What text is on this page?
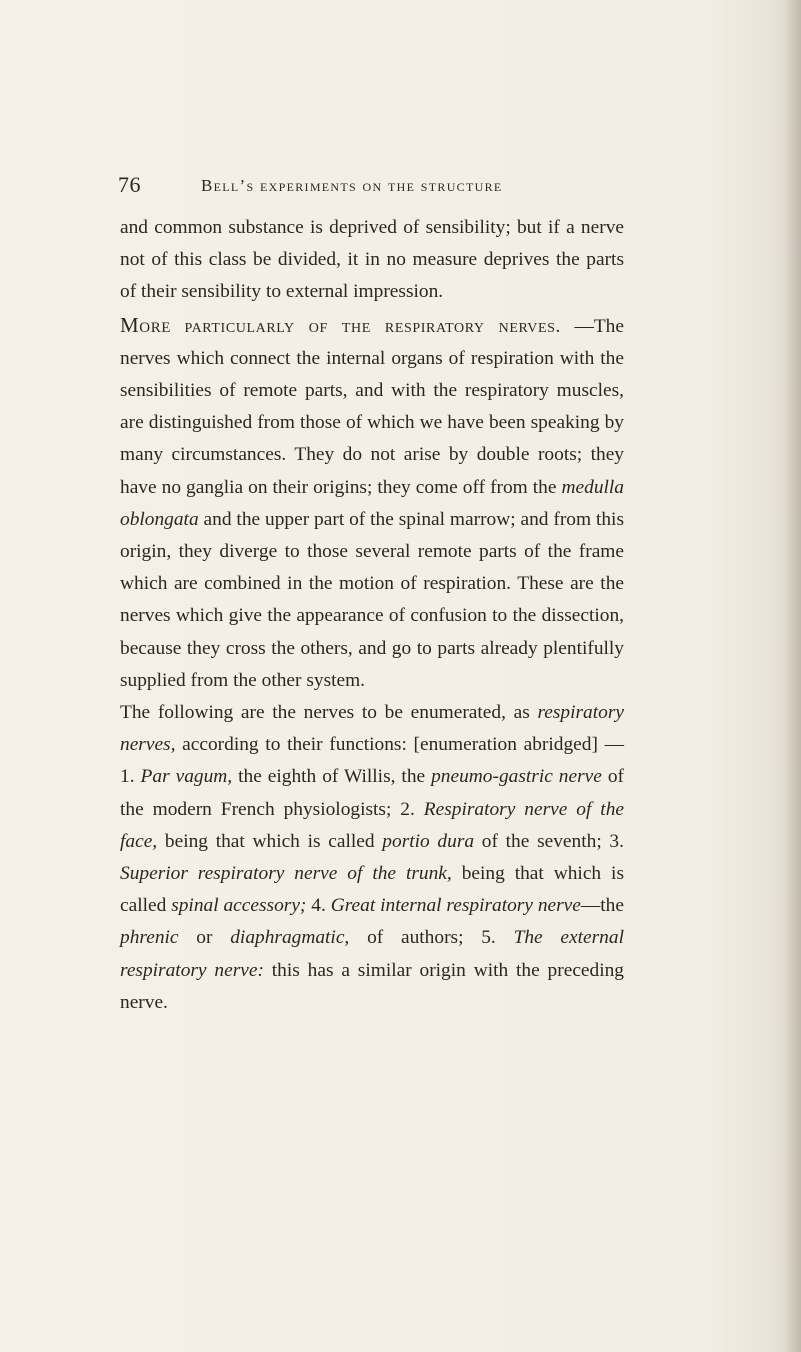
76	bell’s experiments on the structure

and common substance is deprived of sensibility; but if a nerve not of this class be divided, it in no measure deprives the parts of their sensibility to external impression.

More particularly of the respiratory nerves. —The nerves which connect the internal organs of respiration with the sensibilities of remote parts, and with the respiratory muscles, are distinguished from those of which we have been speaking by many circumstances. They do not arise by double roots; they have no ganglia on their origins; they come off from the medulla oblongata and the upper part of the spinal marrow; and from this origin, they diverge to those several remote parts of the frame which are combined in the motion of respiration. These are the nerves which give the appearance of confusion to the dissection, because they cross the others, and go to parts already plentifully supplied from the other system.

The following are the nerves to be enumerated, as respiratory nerves, according to their functions: [enumeration abridged] — 1. Par vagum, the eighth of Willis, the pneumo-gastric nerve of the modern French physiologists; 2. Respiratory nerve of the face, being that which is called portio dura of the seventh; 3. Superior respiratory nerve of the trunk, being that which is called spinal accessory; 4. Great internal respiratory nerve—the phrenic or diaphragmatic, of authors; 5. The external respiratory nerve: this has a similar origin with the preceding nerve.
